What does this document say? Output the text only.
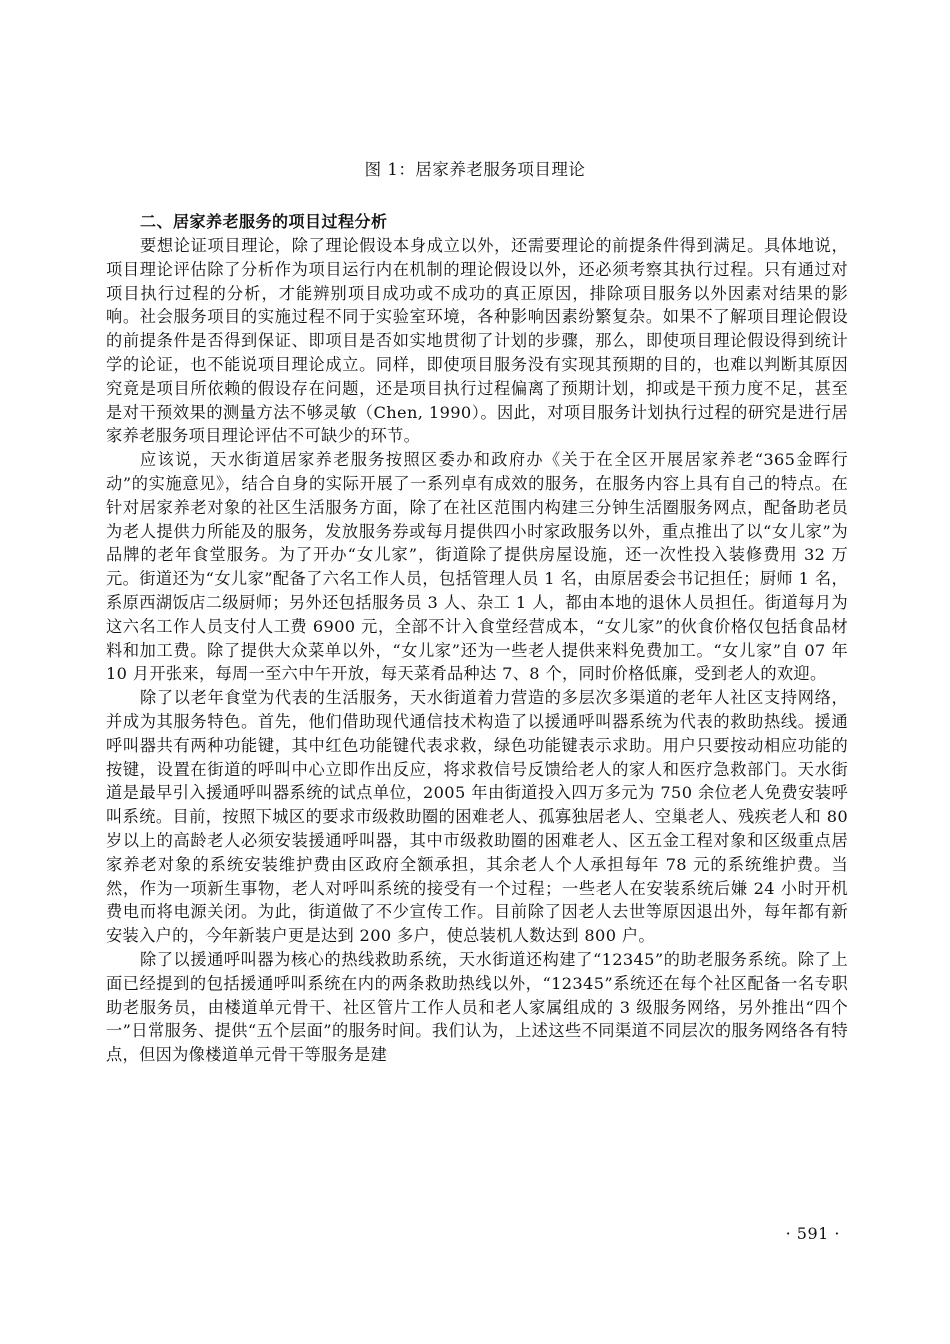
图 1：居家养老服务项目理论
二、居家养老服务的项目过程分析

要想论证项目理论，除了理论假设本身成立以外，还需要理论的前提条件得到满足。具体地说，项目理论评估除了分析作为项目运行内在机制的理论假设以外，还必须考察其执行过程。只有通过对项目执行过程的分析，才能辨别项目成功或不成功的真正原因，排除项目服务以外因素对结果的影响。社会服务项目的实施过程不同于实验室环境，各种影响因素纷繁复杂。如果不了解项目理论假设的前提条件是否得到保证、即项目是否如实地贯彻了计划的步骤，那么，即使项目理论假设得到统计学的论证，也不能说项目理论成立。同样，即使项目服务没有实现其预期的目的，也难以判断其原因究竟是项目所依赖的假设存在问题，还是项目执行过程偏离了预期计划，抑或是干预力度不足，甚至是对干预效果的测量方法不够灵敏（Chen, 1990）。因此，对项目服务计划执行过程的研究是进行居家养老服务项目理论评估不可缺少的环节。

应该说，天水街道居家养老服务按照区委办和政府办《关于在全区开展居家养老“365金晖行动”的实施意见》，结合自身的实际开展了一系列卓有成效的服务，在服务内容上具有自己的特点。在针对居家养老对象的社区生活服务方面，除了在社区范围内构建三分钟生活圈服务网点，配备助老员为老人提供力所能及的服务，发放服务券或每月提供四小时家政服务以外，重点推出了以“女儿家”为品牌的老年食堂服务。为了开办“女儿家”，街道除了提供房屋设施，还一次性投入装修费用 32 万元。街道还为“女儿家”配备了六名工作人员，包括管理人员 1 名，由原居委会书记担任；厨师 1 名，系原西湖饭店二级厨师；另外还包括服务员 3 人、杂工 1 人，都由本地的退休人员担任。街道每月为这六名工作人员支付人工费 6900 元，全部不计入食堂经营成本，“女儿家”的伙食价格仅包括食品材料和加工费。除了提供大众菜单以外，“女儿家”还为一些老人提供来料免费加工。“女儿家”自 07 年 10 月开张来，每周一至六中午开放，每天菜肴品种达 7、8 个，同时价格低廉，受到老人的欢迎。

除了以老年食堂为代表的生活服务，天水街道着力营造的多层次多渠道的老年人社区支持网络，并成为其服务特色。首先，他们借助现代通信技术构造了以援通呼叫器系统为代表的救助热线。援通呼叫器共有两种功能键，其中红色功能键代表求救，绿色功能键表示求助。用户只要按动相应功能的按键，设置在街道的呼叫中心立即作出反应，将求救信号反馈给老人的家人和医疗急救部门。天水街道是最早引入援通呼叫器系统的试点单位，2005 年由街道投入四万多元为 750 余位老人免费安装呼叫系统。目前，按照下城区的要求市级救助圈的困难老人、孤寡独居老人、空巢老人、残疾老人和 80 岁以上的高龄老人必须安装援通呼叫器，其中市级救助圈的困难老人、区五金工程对象和区级重点居家养老对象的系统安装维护费由区政府全额承担，其余老人个人承担每年 78 元的系统维护费。当然，作为一项新生事物，老人对呼叫系统的接受有一个过程；一些老人在安装系统后嫌 24 小时开机费电而将电源关闭。为此，街道做了不少宣传工作。目前除了因老人去世等原因退出外，每年都有新安装入户的，今年新装户更是达到 200 多户，使总装机人数达到 800 户。

除了以援通呼叫器为核心的热线救助系统，天水街道还构建了“12345”的助老服务系统。除了上面已经提到的包括援通呼叫系统在内的两条救助热线以外，“12345”系统还在每个社区配备一名专职助老服务员，由楼道单元骨干、社区管片工作人员和老人家属组成的 3 级服务网络，另外推出“四个一”日常服务、提供“五个层面”的服务时间。我们认为，上述这些不同渠道不同层次的服务网络各有特点，但因为像楼道单元骨干等服务是建

· 591 ·
